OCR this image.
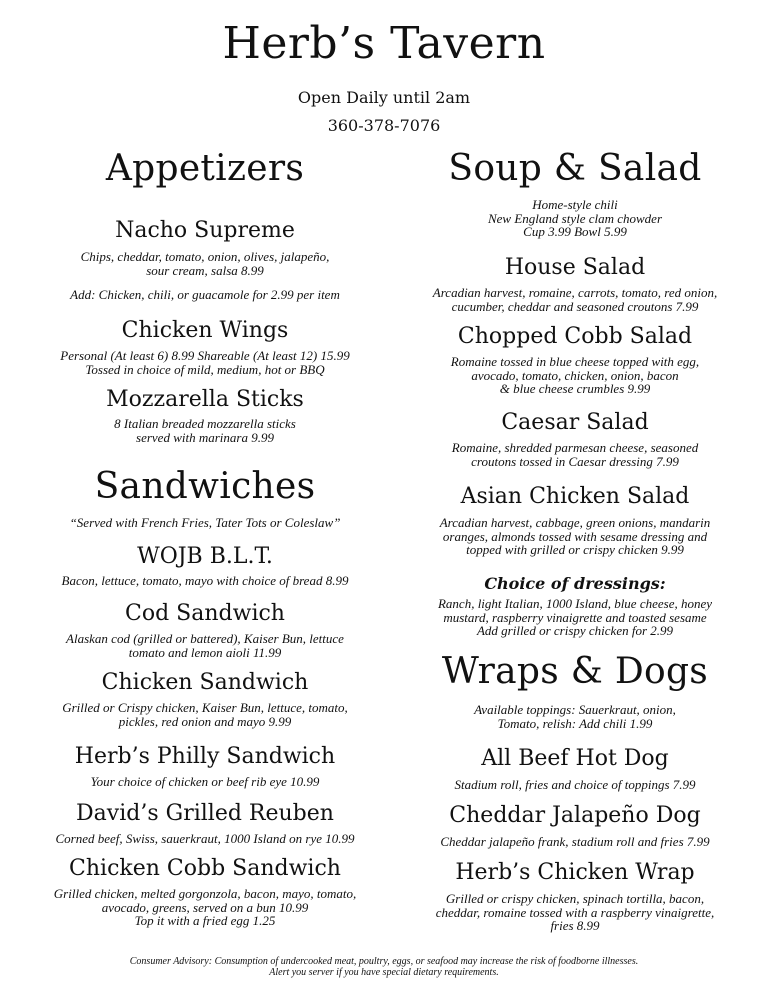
Herb’s Tavern
Open Daily until 2am
360-378-7076
Appetizers
Nacho Supreme
Chips, cheddar, tomato, onion, olives, jalapeño,
sour cream, salsa 8.99
Add: Chicken, chili, or guacamole for 2.99 per item
Chicken Wings
Personal (At least 6) 8.99 Shareable (At least 12) 15.99
Tossed in choice of mild, medium, hot or BBQ
Mozzarella Sticks
8 Italian breaded mozzarella sticks
served with marinara 9.99
Sandwiches
“Served with French Fries, Tater Tots or Coleslaw”
WOJB B.L.T.
Bacon, lettuce, tomato, mayo with choice of bread 8.99
Cod Sandwich
Alaskan cod (grilled or battered), Kaiser Bun, lettuce
tomato and lemon aioli 11.99
Chicken Sandwich
Grilled or Crispy chicken, Kaiser Bun, lettuce, tomato,
pickles, red onion and mayo 9.99
Herb’s Philly Sandwich
Your choice of chicken or beef rib eye 10.99
David’s Grilled Reuben
Corned beef, Swiss, sauerkraut, 1000 Island on rye 10.99
Chicken Cobb Sandwich
Grilled chicken, melted gorgonzola, bacon, mayo, tomato,
avocado, greens, served on a bun 10.99
Top it with a fried egg 1.25
Soup & Salad
Home-style chili
New England style clam chowder
Cup 3.99 Bowl 5.99
House Salad
Arcadian harvest, romaine, carrots, tomato, red onion,
cucumber, cheddar and seasoned croutons 7.99
Chopped Cobb Salad
Romaine tossed in blue cheese topped with egg,
avocado, tomato, chicken, onion, bacon
& blue cheese crumbles 9.99
Caesar Salad
Romaine, shredded parmesan cheese, seasoned
croutons tossed in Caesar dressing 7.99
Asian Chicken Salad
Arcadian harvest, cabbage, green onions, mandarin
oranges, almonds tossed with sesame dressing and
topped with grilled or crispy chicken 9.99
Choice of dressings:
Ranch, light Italian, 1000 Island, blue cheese, honey
mustard, raspberry vinaigrette and toasted sesame
Add grilled or crispy chicken for 2.99
Wraps & Dogs
Available toppings: Sauerkraut, onion,
Tomato, relish: Add chili 1.99
All Beef Hot Dog
Stadium roll, fries and choice of toppings 7.99
Cheddar Jalapeño Dog
Cheddar jalapeño frank, stadium roll and fries 7.99
Herb’s Chicken Wrap
Grilled or crispy chicken, spinach tortilla, bacon,
cheddar, romaine tossed with a raspberry vinaigrette,
fries 8.99
Consumer Advisory: Consumption of undercooked meat, poultry, eggs, or seafood may increase the risk of foodborne illnesses.
Alert you server if you have special dietary requirements.
